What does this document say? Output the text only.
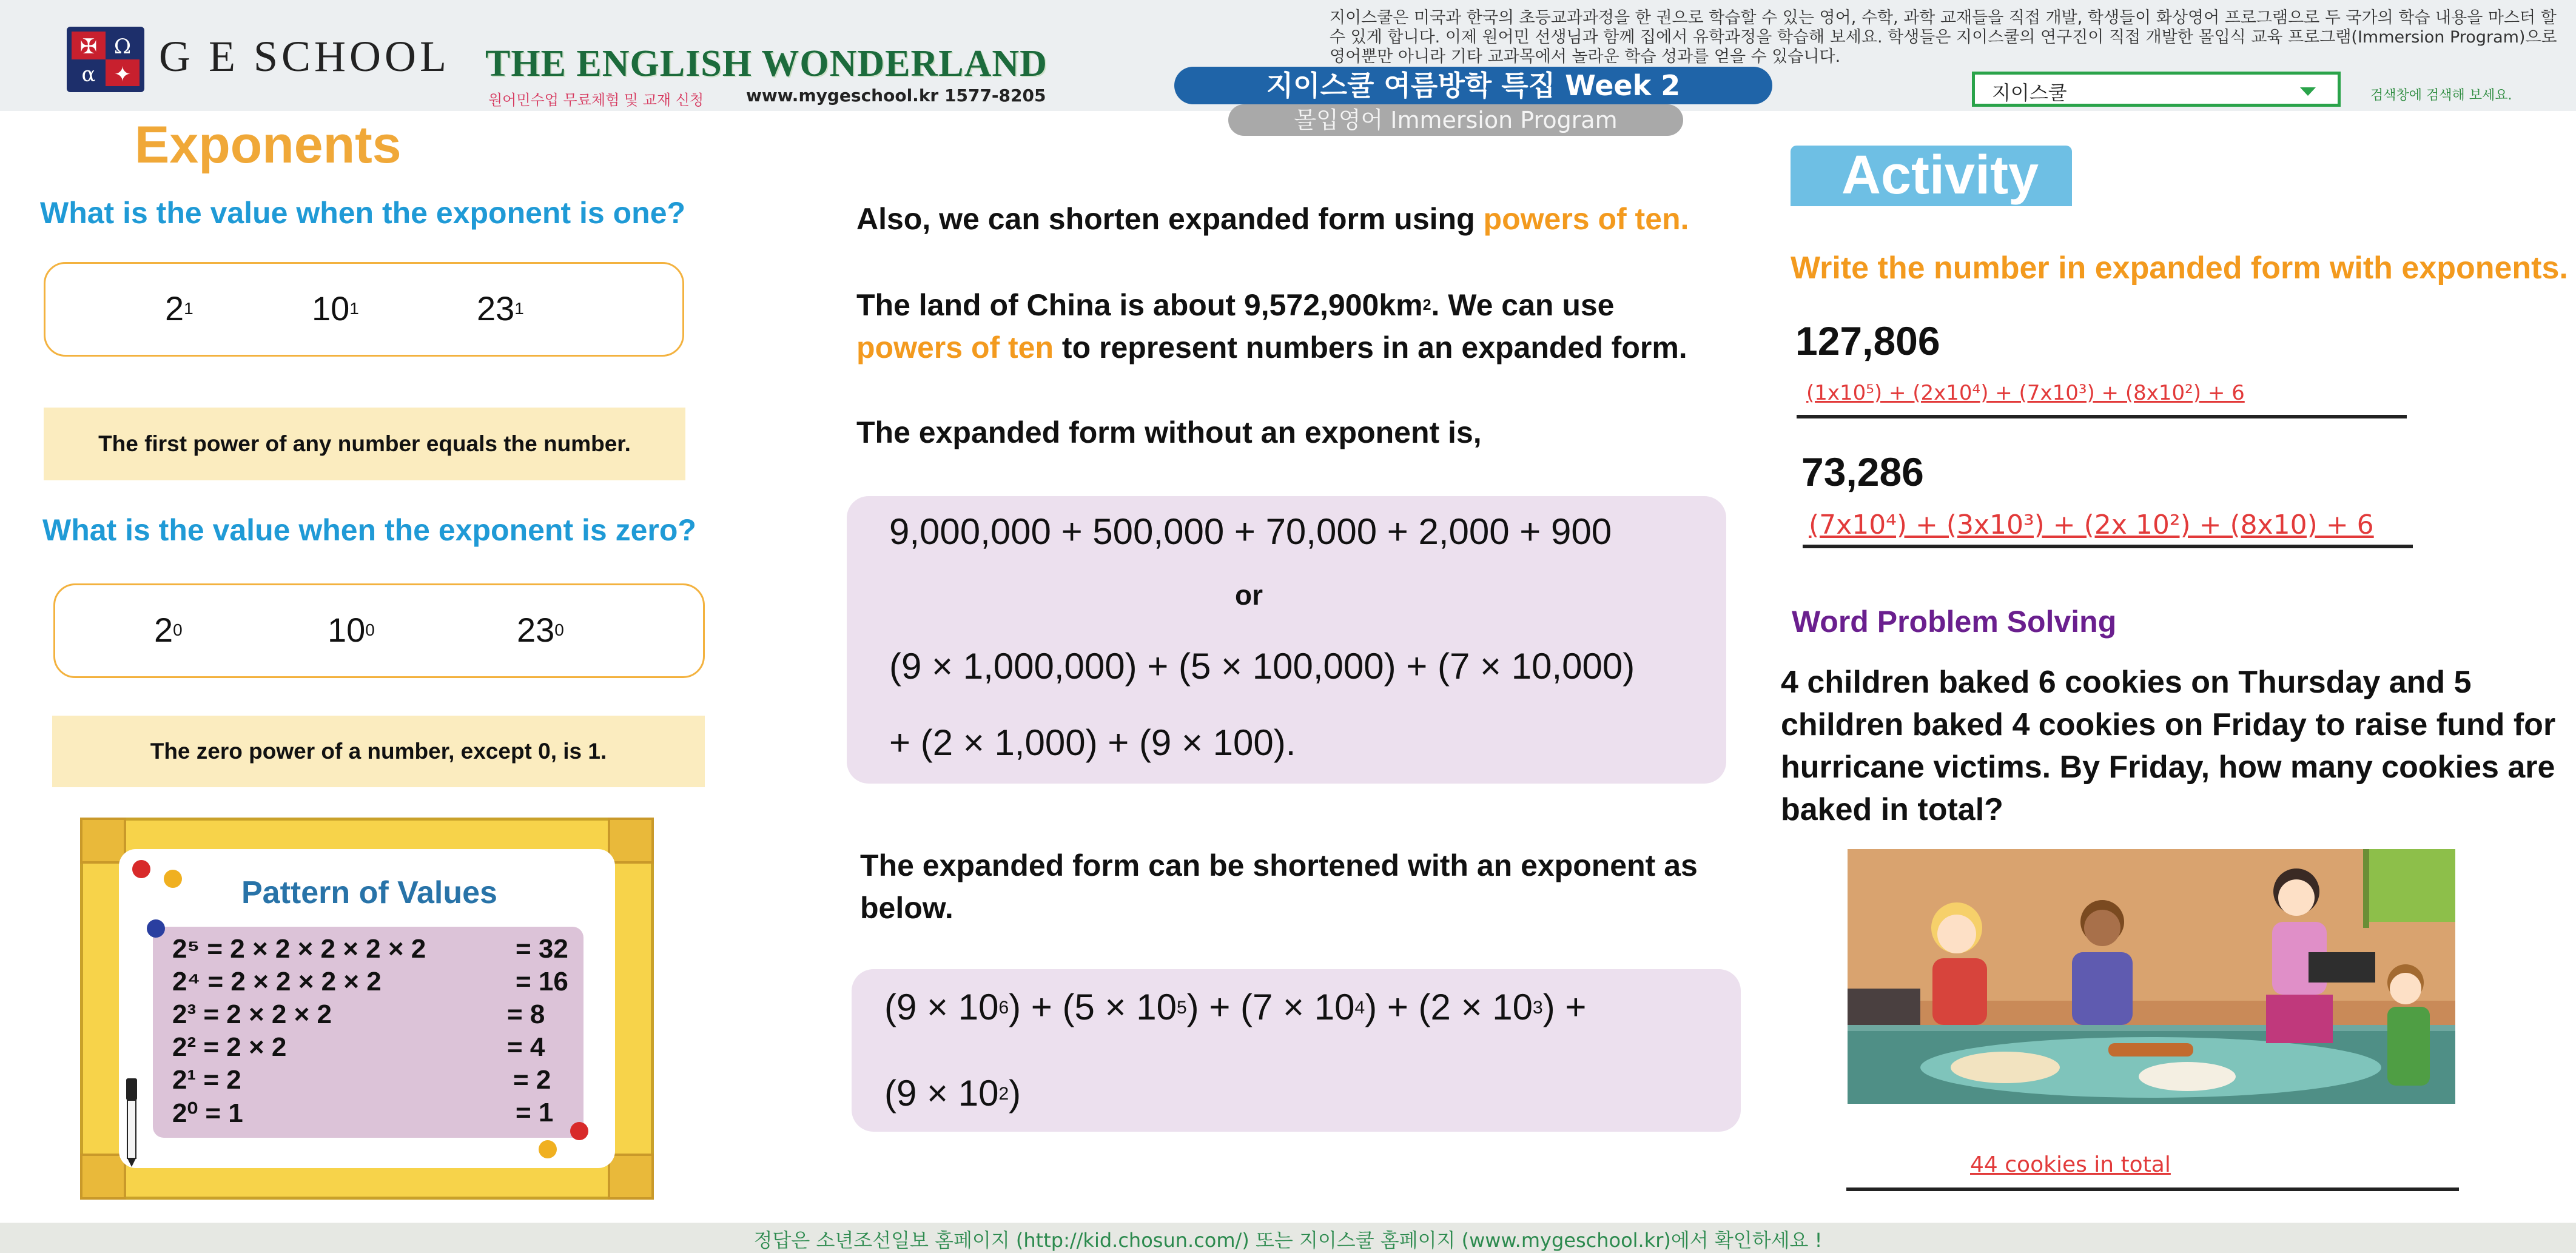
✠ Ω
α ✦ G E SCHOOL THE ENGLISH WONDERLAND
원어민수업 무료체험 및 교재 신청 www.mygeschool.kr 1577-8205
지이스쿨은 미국과 한국의 초등교과과정을 한 권으로 학습할 수 있는 영어, 수학, 과학 교재들을 직접 개발, 학생들이 화상영어 프로그램으로 두 국가의 학습 내용을 마스터 할 수 있게 합니다. 이제 원어민 선생님과 함께 집에서 유학과정을 학습해 보세요. 학생들은 지이스쿨의 연구진이 직접 개발한 몰입식 교육 프로그램(Immersion Program)으로 영어뿐만 아니라 기타 교과목에서 놀라운 학습 성과를 얻을 수 있습니다.
지이스쿨 여름방학 특집 Week 2
몰입영어 Immersion Program
지이스쿨	검색창에 검색해 보세요.
Exponents
What is the value when the exponent is one?
$2^1$	$10^1$	$23^1$
The first power of any number equals the number.
What is the value when the exponent is zero?
$2^0$	$10^0$	$23^0$
The zero power of a number, except 0, is 1.
Pattern of Values
2⁵ = 2 × 2 × 2 × 2 × 2	= 32
2⁴ = 2 × 2 × 2 × 2	= 16
2³ = 2 × 2 × 2	= 8
2² = 2 × 2	= 4
2¹ = 2	= 2
2⁰ = 1	= 1
Also, we can shorten expanded form using powers of ten.
The land of China is about $9,572,900km^2$. We can use
powers of ten to represent numbers in an expanded form.
The expanded form without an exponent is,
9,000,000 + 500,000 + 70,000 + 2,000 + 900
or
(9 × 1,000,000) + (5 × 100,000) + (7 × 10,000)
+ (2 × 1,000) + (9 × 100).
The expanded form can be shortened with an exponent as below.
$(9 \times 10^6) + (5 \times 10^5) + (7 \times 10^4) + (2 \times 10^3)$ +
$(9 \times 10^2)$
Activity
Write the number in expanded form with exponents.
127,806
(1x10⁵) + (2x10⁴) + (7x10³) + (8x10²) + 6
73,286
(7x10⁴) + (3x10³) + (2x 10²) + (8x10) + 6
Word Problem Solving
4 children baked 6 cookies on Thursday and 5 children baked 4 cookies on Friday to raise fund for hurricane victims. By Friday, how many cookies are baked in total?
44 cookies in total
정답은 소년조선일보 홈페이지 (http://kid.chosun.com/) 또는 지이스쿨 홈페이지 (www.mygeschool.kr)에서 확인하세요 !
